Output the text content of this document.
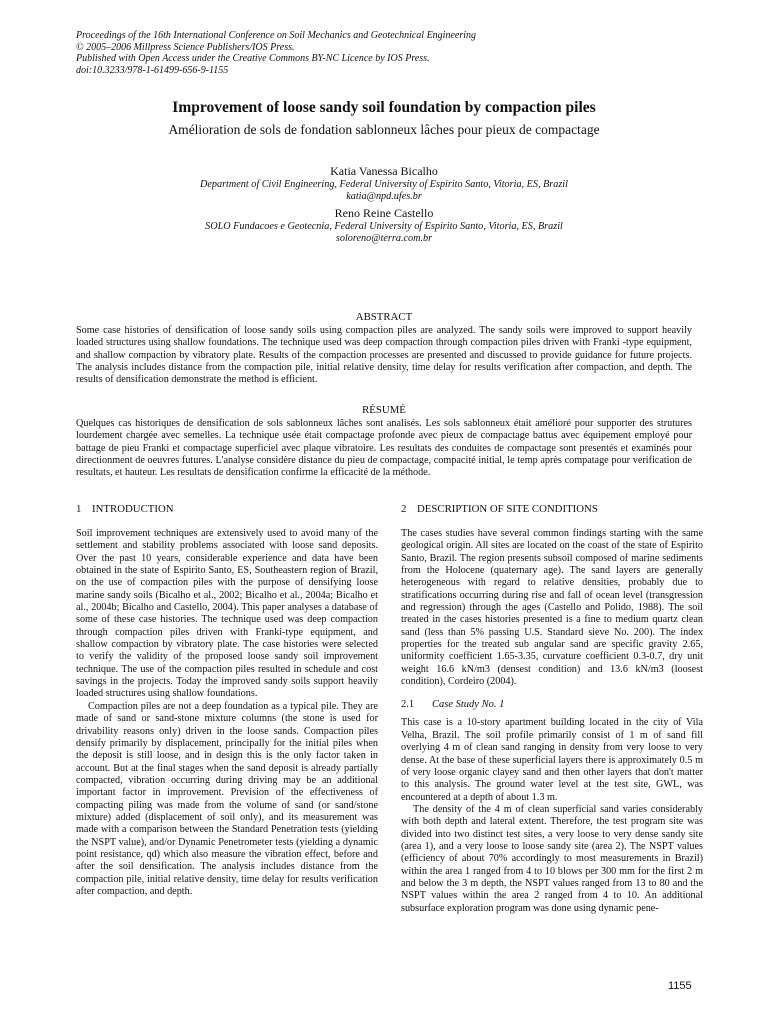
Proceedings of the 16th International Conference on Soil Mechanics and Geotechnical Engineering
© 2005–2006 Millpress Science Publishers/IOS Press.
Published with Open Access under the Creative Commons BY-NC Licence by IOS Press.
doi:10.3233/978-1-61499-656-9-1155
Improvement of loose sandy soil foundation by compaction piles

Amélioration de sols de fondation sablonneux lâches pour pieux de compactage

Katia Vanessa Bicalho

Department of Civil Engineering, Federal University of Espirito Santo, Vitoria, ES, Brazil

katia@npd.ufes.br

Reno Reine Castello

SOLO Fundacoes e Geotecnia, Federal University of Espirito Santo, Vitoria, ES, Brazil

soloreno@terra.com.br

ABSTRACT

Some case histories of densification of loose sandy soils using compaction piles are analyzed. The sandy soils were improved to support heavily loaded structures using shallow foundations. The technique used was deep compaction through compaction piles driven with Franki -type equipment, and shallow compaction by vibratory plate. Results of the compaction processes are presented and discussed to provide guidance for future projects. The analysis includes distance from the compaction pile, initial relative density, time delay for results verification after compaction, and depth. The results of densification demonstrate the method is efficient.

RÉSUMÉ

Quelques cas historiques de densification de sols sablonneux lâches sont analisés. Les sols sablonneux était amélioré pour supporter des strutures lourdement chargée avec semelles. La technique usée était compactage profonde avec pieux de compactage battus avec équipement employé pour battage de pieu Franki et compactage superficiel avec plaque vibratoire. Les resultats des conduites de compactage sont presentés et examinés pour directionment de oeuvres futures. L'analyse considère distance du pieu de compactage, compacité initial, le temp après compatage pour verification de resultats, et hauteur. Les resultats de densification confirme la efficacité de la méthode.

1 INTRODUCTION

Soil improvement techniques are extensively used to avoid many of the settlement and stability problems associated with loose sand deposits. Over the past 10 years, considerable experience and data have been obtained in the state of Espirito Santo, ES, Southeastern region of Brazil, on the use of compaction piles with the purpose of densifying loose marine sandy soils (Bicalho et al., 2002; Bicalho et al., 2004a; Bicalho et al., 2004b; Bicalho and Castello, 2004). This paper analyses a database of some of these case histories. The technique used was deep compaction through compaction piles driven with Franki-type equipment, and shallow compaction by vibratory plate. The case histories were selected to verify the validity of the proposed loose sandy soil improvement technique. The use of the compaction piles resulted in schedule and cost savings in the projects. Today the improved sandy soils support heavily loaded structures using shallow foundations.

Compaction piles are not a deep foundation as a typical pile. They are made of sand or sand-stone mixture columns (the stone is used for drivability reasons only) driven in the loose sands. Compaction piles densify primarily by displacement, principally for the initial piles when the deposit is still loose, and in design this is the only factor taken in account. But at the final stages when the sand deposit is already partially compacted, vibration occurring during driving may be an additional important factor in improvement. Prevision of the effectiveness of compacting piling was made from the volume of sand (or sand/stone mixture) added (displacement of soil only), and its measurement was made with a comparison between the Standard Penetration tests (yielding the NSPT value), and/or Dynamic Penetrometer tests (yielding a dynamic point resistance, qd) which also measure the vibration effect, before and after the soil densification. The analysis includes distance from the compaction pile, initial relative density, time delay for results verification after compaction, and depth.

2 DESCRIPTION OF SITE CONDITIONS

The cases studies have several common findings starting with the same geological origin. All sites are located on the coast of the state of Espirito Santo, Brazil. The region presents subsoil composed of marine sediments from the Holocene (quaternary age). The sand layers are generally heterogeneous with regard to relative densities, probably due to stratifications occurring during rise and fall of ocean level (transgression and regression) through the ages (Castello and Polido, 1988). The soil treated in the cases histories presented is a fine to medium quartz clean sand (less than 5% passing U.S. Standard sieve No. 200). The index properties for the treated sub angular sand are specific gravity 2.65, uniformity coefficient 1.65-3.35, curvature coefficient 0.3-0.7, dry unit weight 16.6 kN/m3 (densest condition) and 13.6 kN/m3 (loosest condition), Cordeiro (2004).

2.1 Case Study No. 1

This case is a 10-story apartment building located in the city of Vila Velha, Brazil. The soil profile primarily consist of 1 m of sand fill overlying 4 m of clean sand ranging in density from very loose to very dense. At the base of these superficial layers there is approximately 0.5 m of very loose organic clayey sand and then other layers that don't matter to this analysis. The ground water level at the test site, GWL, was encountered at a depth of about 1.3 m.

The density of the 4 m of clean superficial sand varies considerably with both depth and lateral extent. Therefore, the test program site was divided into two distinct test sites, a very loose to very dense sandy site (area 1), and a very loose to loose sandy site (area 2). The NSPT values (efficiency of about 70% accordingly to most measurements in Brazil) within the area 1 ranged from 4 to 10 blows per 300 mm for the first 2 m and below the 3 m depth, the NSPT values ranged from 13 to 80 and the NSPT values within the area 2 ranged from 4 to 10. An additional subsurface exploration program was done using dynamic pene-

1155
